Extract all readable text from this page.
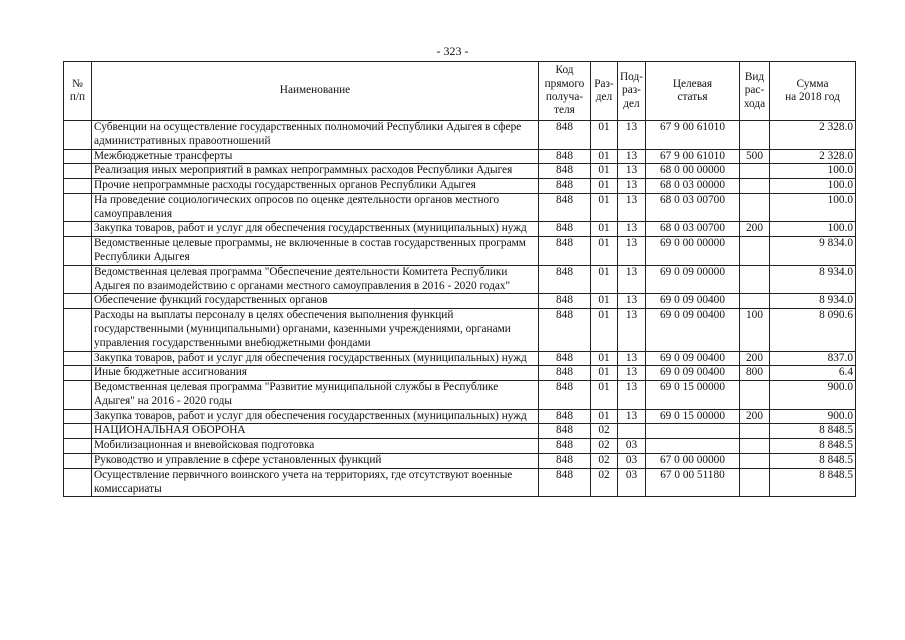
- 323 -
№
п/п	Наименование	Код
прямого
получа-
теля	Раз-
дел	Под-
раз-
дел	Целевая
статья	Вид
рас-
хода	Сумма
на 2018 год
	Субвенции на осуществление государственных полномочий Республики Адыгея в сфере административных правоотношений	848	01	13	67 9 00 61010		2 328.0
	Межбюджетные трансферты	848	01	13	67 9 00 61010	500	2 328.0
	Реализация иных мероприятий в рамках непрограммных расходов Республики Адыгея	848	01	13	68 0 00 00000		100.0
	Прочие непрограммные расходы государственных органов Республики Адыгея	848	01	13	68 0 03 00000		100.0
	На проведение социологических опросов по оценке деятельности органов местного самоуправления	848	01	13	68 0 03 00700		100.0
	Закупка товаров, работ и услуг для обеспечения государственных (муниципальных) нужд	848	01	13	68 0 03 00700	200	100.0
	Ведомственные целевые программы, не включенные в состав государственных программ Республики Адыгея	848	01	13	69 0 00 00000		9 834.0
	Ведомственная целевая программа "Обеспечение деятельности Комитета Республики Адыгея по взаимодействию с органами местного самоуправления в 2016 - 2020 годах"	848	01	13	69 0 09 00000		8 934.0
	Обеспечение функций государственных органов	848	01	13	69 0 09 00400		8 934.0
	Расходы на выплаты персоналу в целях обеспечения выполнения функций государственными (муниципальными) органами, казенными учреждениями, органами управления государственными внебюджетными фондами	848	01	13	69 0 09 00400	100	8 090.6
	Закупка товаров, работ и услуг для обеспечения государственных (муниципальных) нужд	848	01	13	69 0 09 00400	200	837.0
	Иные бюджетные ассигнования	848	01	13	69 0 09 00400	800	6.4
	Ведомственная целевая программа "Развитие муниципальной службы в Республике Адыгея" на 2016 - 2020 годы	848	01	13	69 0 15 00000		900.0
	Закупка товаров, работ и услуг для обеспечения государственных (муниципальных) нужд	848	01	13	69 0 15 00000	200	900.0
	НАЦИОНАЛЬНАЯ ОБОРОНА	848	02				8 848.5
	Мобилизационная и вневойсковая подготовка	848	02	03			8 848.5
	Руководство и управление в сфере установленных функций	848	02	03	67 0 00 00000		8 848.5
	Осуществление первичного воинского учета на территориях, где отсутствуют военные комиссариаты	848	02	03	67 0 00 51180		8 848.5
